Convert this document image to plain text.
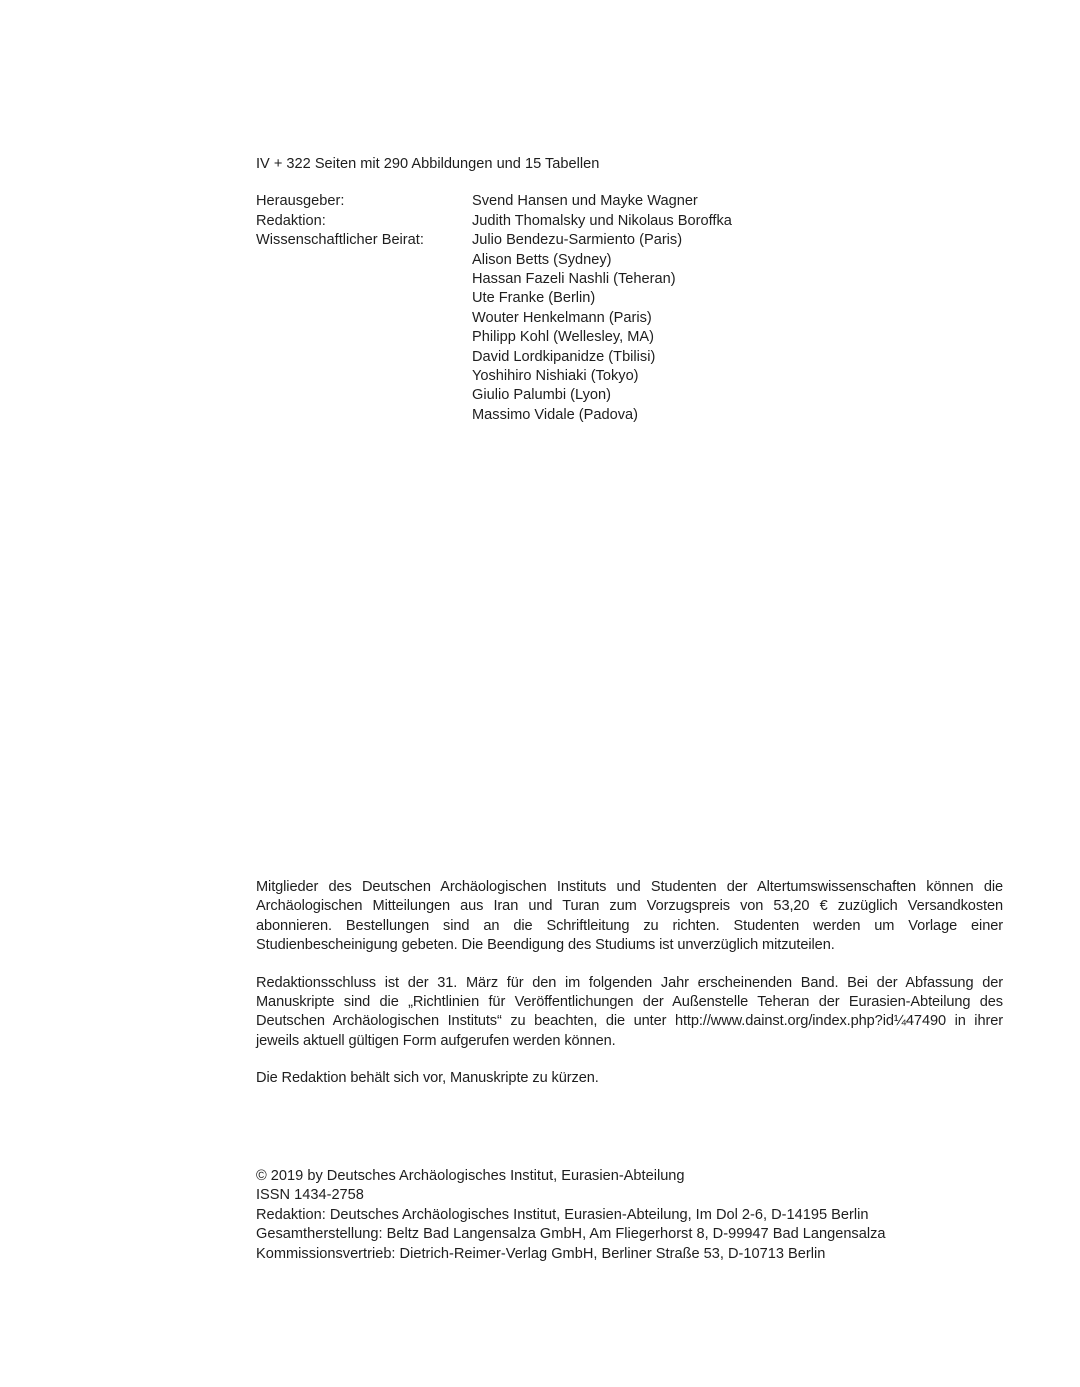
IV + 322 Seiten mit 290 Abbildungen und 15 Tabellen

Herausgeber:	Svend Hansen und Mayke Wagner
Redaktion:	Judith Thomalsky und Nikolaus Boroffka
Wissenschaftlicher Beirat:	Julio Bendezu-Sarmiento (Paris)
Alison Betts (Sydney)
Hassan Fazeli Nashli (Teheran)
Ute Franke (Berlin)
Wouter Henkelmann (Paris)
Philipp Kohl (Wellesley, MA)
David Lordkipanidze (Tbilisi)
Yoshihiro Nishiaki (Tokyo)
Giulio Palumbi (Lyon)
Massimo Vidale (Padova)

Mitglieder des Deutschen Archäologischen Instituts und Studenten der Altertumswissenschaften können die Archäologischen Mitteilungen aus Iran und Turan zum Vorzugspreis von 53,20 € zuzüglich Versandkosten abonnieren. Bestellungen sind an die Schriftleitung zu richten. Studenten werden um Vorlage einer Studienbescheinigung gebeten. Die Beendigung des Studiums ist unverzüglich mitzuteilen.

Redaktionsschluss ist der 31. März für den im folgenden Jahr erscheinenden Band. Bei der Abfassung der Manuskripte sind die „Richtlinien für Veröffentlichungen der Außenstelle Teheran der Eurasien-Abteilung des Deutschen Archäologischen Instituts“ zu beachten, die unter http://www.dainst.org/index.php?id¼47490 in ihrer jeweils aktuell gültigen Form aufgerufen werden können.

Die Redaktion behält sich vor, Manuskripte zu kürzen.

© 2019 by Deutsches Archäologisches Institut, Eurasien-Abteilung
ISSN 1434-2758
Redaktion: Deutsches Archäologisches Institut, Eurasien-Abteilung, Im Dol 2-6, D-14195 Berlin
Gesamtherstellung: Beltz Bad Langensalza GmbH, Am Fliegerhorst 8, D-99947 Bad Langensalza
Kommissionsvertrieb: Dietrich-Reimer-Verlag GmbH, Berliner Straße 53, D-10713 Berlin
